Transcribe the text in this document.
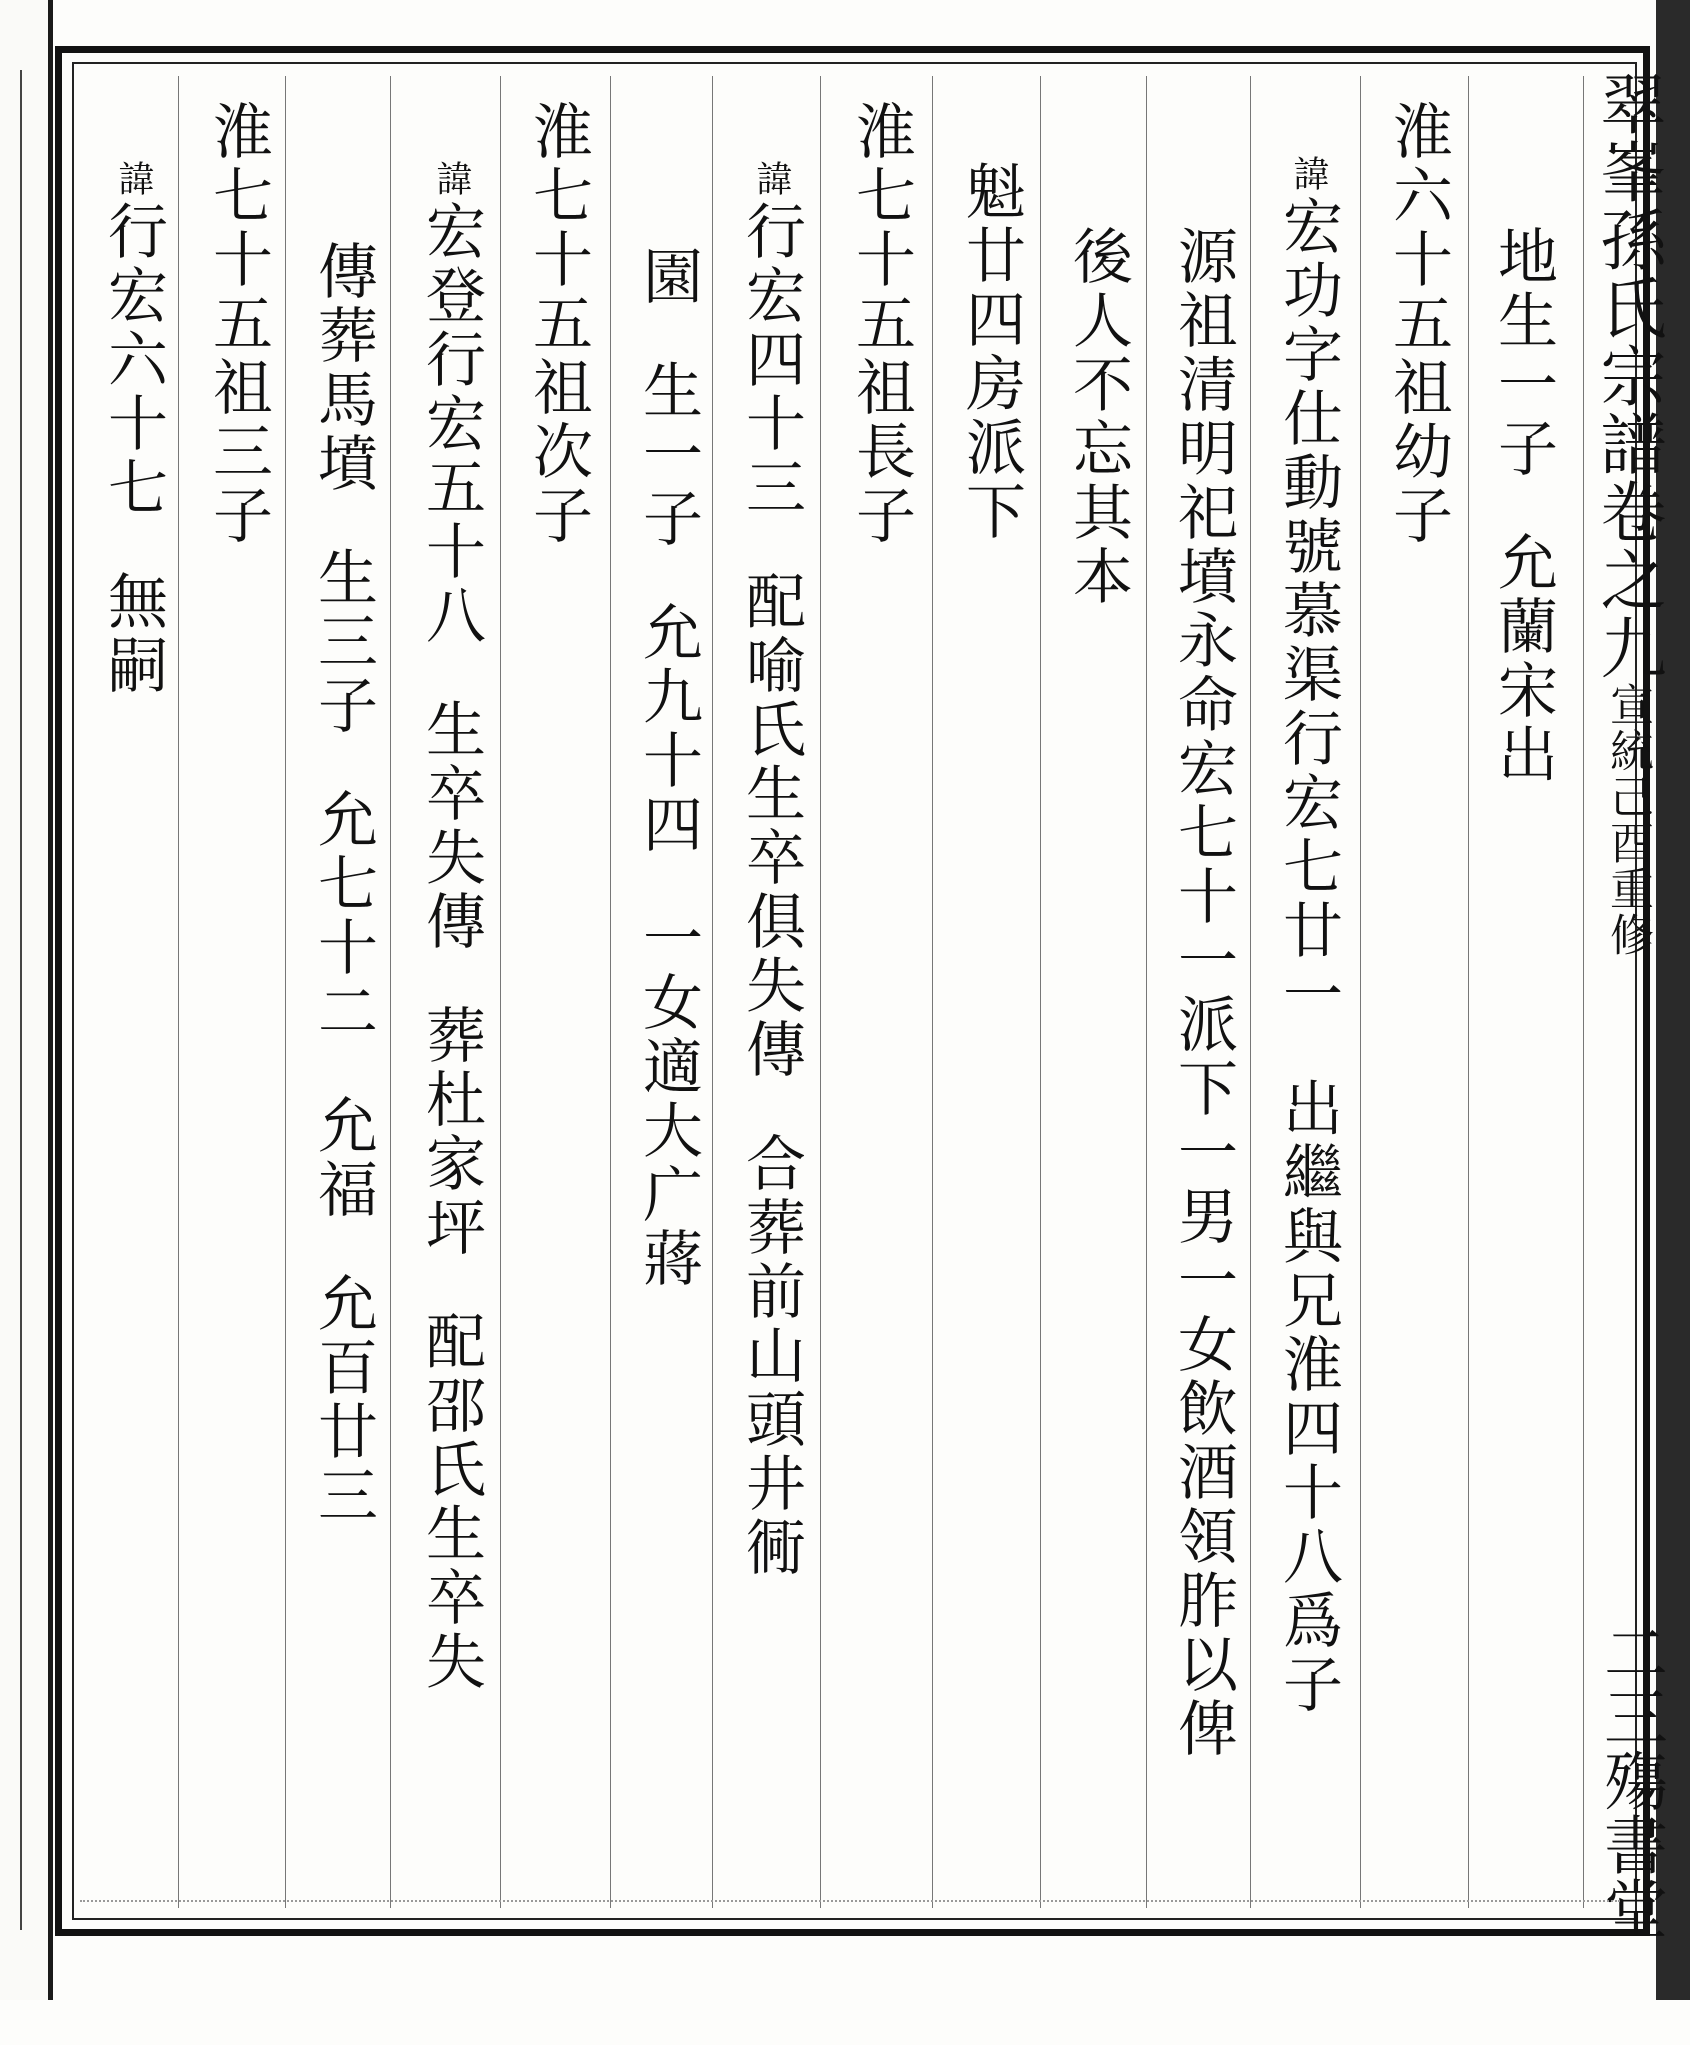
翠峯孫氏宗譜卷之九宣統己酉重修
二三殤書堂
地生一子允蘭宋出
淮六十五祖幼子
諱宏功字仕動號慕渠行宏七廿一出繼與兄淮四十八爲子
源祖清明祀墳永命宏七十一派下一男一女飲酒領胙以俾
後人不忘其本
魁廿四房派下
淮七十五祖長子
諱行宏四十三配喻氏生卒俱失傳合葬前山頭井衕
園生一子允九十四一女適大广蔣
淮七十五祖次子
諱宏登行宏五十八生卒失傳葬杜家坪配邵氏生卒失
傳葬馬墳生三子允七十二允福允百廿三
淮七十五祖三子
諱行宏六十七無嗣
